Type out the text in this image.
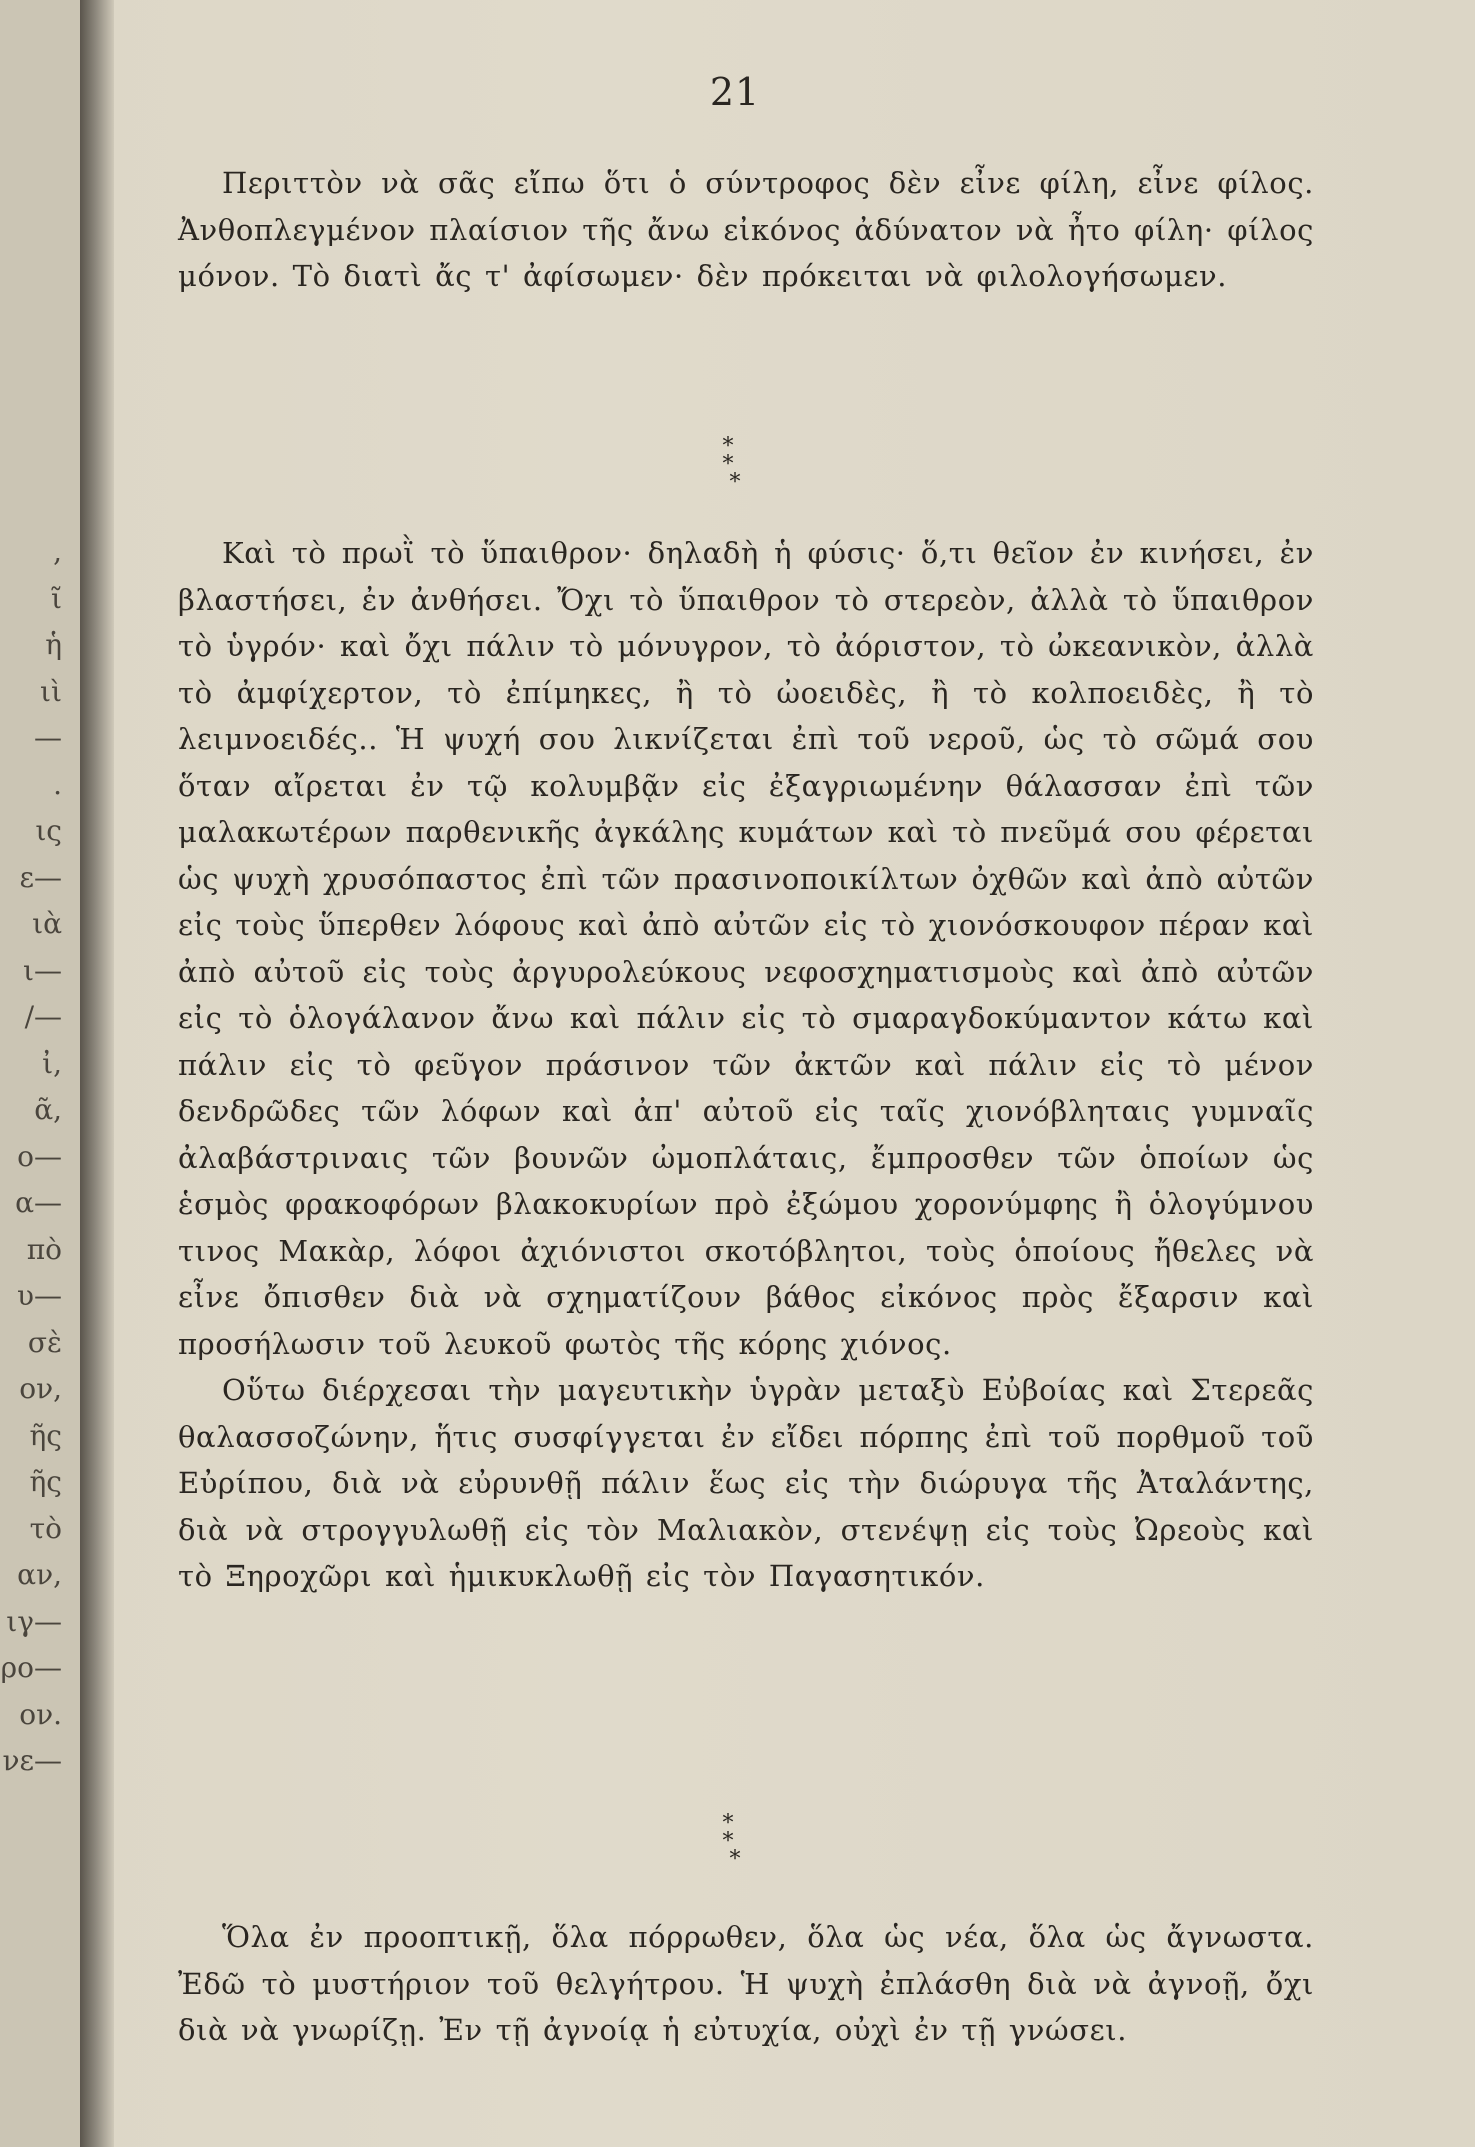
,
ῖ
ἡ
ιὶ
—
.
ις
ε—
ιὰ
ι—
/—
ἰ,
ᾶ,
ο—
α—
πὸ
υ—
σὲ
ον,
ῆς
ῆς
τὸ
αν,
ιγ—
ρο—
ον.
νε—
21

Περιττὸν νὰ σᾶς εἴπω ὅτι ὁ σύντροφος δὲν εἶνε φίλη, εἶνε φίλος. Ἀνθοπλεγμένον πλαίσιον τῆς ἄνω εἰκόνος ἀδύνατον νὰ ἦτο φίλη· φίλος μόνον. Τὸ διατὶ ἄς τ' ἀφίσωμεν· δὲν πρόκειται νὰ φιλολογήσωμεν.

* *
*

Καὶ τὸ πρωῒ τὸ ὕπαιθρον· δηλαδὴ ἡ φύσις· ὅ,τι θεῖον ἐν κινήσει, ἐν βλαστήσει, ἐν ἀνθήσει. Ὄχι τὸ ὕπαιθρον τὸ στερεὸν, ἀλλὰ τὸ ὕπαιθρον τὸ ὑγρόν· καὶ ὄχι πάλιν τὸ μόνυγρον, τὸ ἀόριστον, τὸ ὠκεανικὸν, ἀλλὰ τὸ ἀμφίχερτον, τὸ ἐπίμηκες, ἢ τὸ ὠοειδὲς, ἢ τὸ κολποειδὲς, ἢ τὸ λειμνοειδές.. Ἡ ψυχή σου λικνίζεται ἐπὶ τοῦ νεροῦ, ὡς τὸ σῶμά σου ὅταν αἴρεται ἐν τῷ κολυμβᾷν εἰς ἐξαγριωμένην θάλασσαν ἐπὶ τῶν μαλακωτέρων παρθενικῆς ἀγκάλης κυμάτων καὶ τὸ πνεῦμά σου φέρεται ὡς ψυχὴ χρυσόπαστος ἐπὶ τῶν πρασινοποικίλτων ὀχθῶν καὶ ἀπὸ αὐτῶν εἰς τοὺς ὕπερθεν λόφους καὶ ἀπὸ αὐτῶν εἰς τὸ χιονόσκουφον πέραν καὶ ἀπὸ αὐτοῦ εἰς τοὺς ἀργυρολεύκους νεφοσχηματισμοὺς καὶ ἀπὸ αὐτῶν εἰς τὸ ὁλογάλανον ἄνω καὶ πάλιν εἰς τὸ σμαραγδοκύμαντον κάτω καὶ πάλιν εἰς τὸ φεῦγον πράσινον τῶν ἀκτῶν καὶ πάλιν εἰς τὸ μένον δενδρῶδες τῶν λόφων καὶ ἀπ' αὐτοῦ εἰς ταῖς χιονόβληταις γυμναῖς ἀλαβάστριναις τῶν βουνῶν ὠμοπλάταις, ἔμπροσθεν τῶν ὁποίων ὡς ἑσμὸς φρακοφόρων βλακοκυρίων πρὸ ἐξώμου χορονύμφης ἢ ὁλογύμνου τινος Μακὰρ, λόφοι ἀχιόνιστοι σκοτόβλητοι, τοὺς ὁποίους ἤθελες νὰ εἶνε ὄπισθεν διὰ νὰ σχηματίζουν βάθος εἰκόνος πρὸς ἔξαρσιν καὶ προσήλωσιν τοῦ λευκοῦ φωτὸς τῆς κόρης χιόνος.

Οὕτω διέρχεσαι τὴν μαγευτικὴν ὑγρὰν μεταξὺ Εὐβοίας καὶ Στερεᾶς θαλασσοζώνην, ἥτις συσφίγγεται ἐν εἴδει πόρπης ἐπὶ τοῦ πορθμοῦ τοῦ Εὐρίπου, διὰ νὰ εὐρυνθῇ πάλιν ἕως εἰς τὴν διώρυγα τῆς Ἀταλάντης, διὰ νὰ στρογγυλωθῇ εἰς τὸν Μαλιακὸν, στενέψῃ εἰς τοὺς Ὠρεοὺς καὶ τὸ Ξηροχῶρι καὶ ἡμικυκλωθῇ εἰς τὸν Παγασητικόν.

* *
*

Ὅλα ἐν προοπτικῇ, ὅλα πόρρωθεν, ὅλα ὡς νέα, ὅλα ὡς ἄγνωστα. Ἐδῶ τὸ μυστήριον τοῦ θελγήτρου. Ἡ ψυχὴ ἐπλάσθη διὰ νὰ ἀγνοῇ, ὄχι διὰ νὰ γνωρίζῃ. Ἐν τῇ ἀγνοίᾳ ἡ εὐτυχία, οὐχὶ ἐν τῇ γνώσει.
